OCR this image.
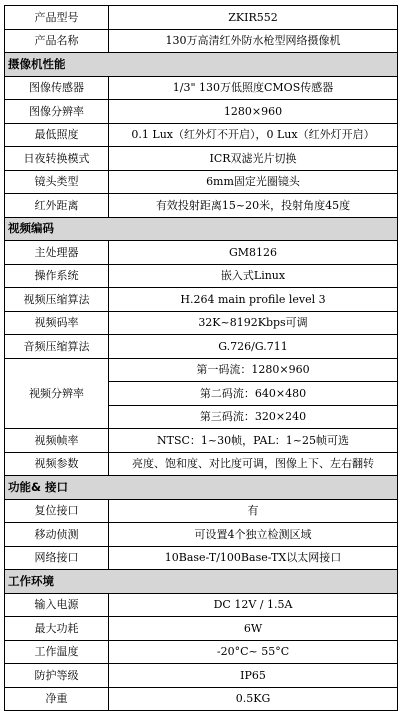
产品型号	ZKIR552
产品名称	130万高清红外防水枪型网络摄像机
摄像机性能	
图像传感器	1/3" 130万低照度CMOS传感器
图像分辨率	1280×960
最低照度	0.1 Lux（红外灯不开启），0 Lux（红外灯开启）
日夜转换模式	ICR双滤光片切换
镜头类型	6mm固定光圈镜头
红外距离	有效投射距离15~20米，投射角度45度
视频编码	
主处理器	GM8126
操作系统	嵌入式Linux
视频压缩算法	H.264 main profile level 3
视频码率	32K~8192Kbps可调
音频压缩算法	G.726/G.711
视频分辨率	第一码流：1280×960
	第二码流：640×480
	第三码流：320×240
视频帧率	NTSC：1~30帧，PAL：1~25帧可选
视频参数	亮度、饱和度、对比度可调，图像上下、左右翻转
功能& 接口	
复位接口	有
移动侦测	可设置4个独立检测区域
网络接口	10Base-T/100Base-TX以太网接口
工作环境	
输入电源	DC 12V / 1.5A
最大功耗	6W
工作温度	-20°C~ 55°C
防护等级	IP65
净重	0.5KG
